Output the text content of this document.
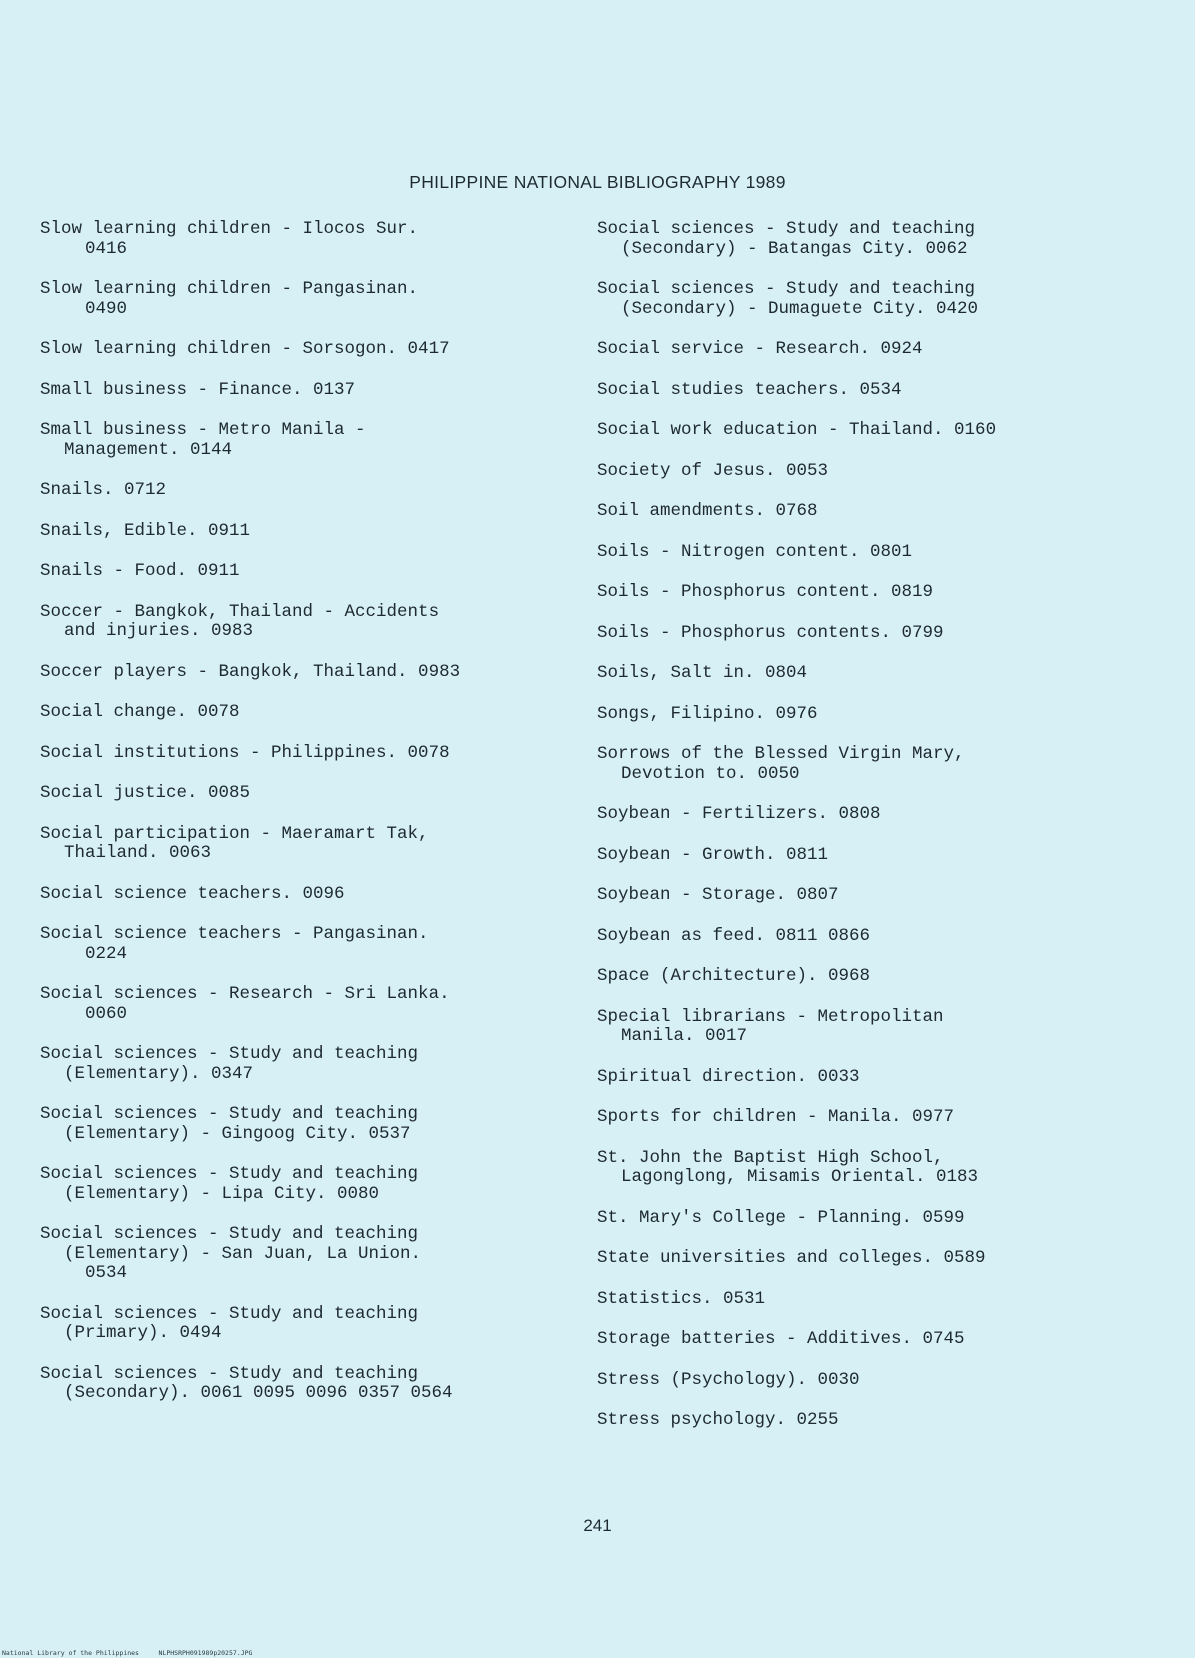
PHILIPPINE NATIONAL BIBLIOGRAPHY 1989
Slow learning children - Ilocos Sur.
0416
Slow learning children - Pangasinan.
0490
Slow learning children - Sorsogon. 0417
Small business - Finance. 0137
Small business - Metro Manila -
Management. 0144
Snails. 0712
Snails, Edible. 0911
Snails - Food. 0911
Soccer - Bangkok, Thailand - Accidents
and injuries. 0983
Soccer players - Bangkok, Thailand. 0983
Social change. 0078
Social institutions - Philippines. 0078
Social justice. 0085
Social participation - Maeramart Tak,
Thailand. 0063
Social science teachers. 0096
Social science teachers - Pangasinan.
0224
Social sciences - Research - Sri Lanka.
0060
Social sciences - Study and teaching
(Elementary). 0347
Social sciences - Study and teaching
(Elementary) - Gingoog City. 0537
Social sciences - Study and teaching
(Elementary) - Lipa City. 0080
Social sciences - Study and teaching
(Elementary) - San Juan, La Union.
0534
Social sciences - Study and teaching
(Primary). 0494
Social sciences - Study and teaching
(Secondary). 0061 0095 0096 0357 0564
Social sciences - Study and teaching
(Secondary) - Batangas City. 0062
Social sciences - Study and teaching
(Secondary) - Dumaguete City. 0420
Social service - Research. 0924
Social studies teachers. 0534
Social work education - Thailand. 0160
Society of Jesus. 0053
Soil amendments. 0768
Soils - Nitrogen content. 0801
Soils - Phosphorus content. 0819
Soils - Phosphorus contents. 0799
Soils, Salt in. 0804
Songs, Filipino. 0976
Sorrows of the Blessed Virgin Mary,
Devotion to. 0050
Soybean - Fertilizers. 0808
Soybean - Growth. 0811
Soybean - Storage. 0807
Soybean as feed. 0811 0866
Space (Architecture). 0968
Special librarians - Metropolitan
Manila. 0017
Spiritual direction. 0033
Sports for children - Manila. 0977
St. John the Baptist High School,
Lagonglong, Misamis Oriental. 0183
St. Mary's College - Planning. 0599
State universities and colleges. 0589
Statistics. 0531
Storage batteries - Additives. 0745
Stress (Psychology). 0030
Stress psychology. 0255
241
National Library of the Philippines     NLPHSRPH091989p20257.JPG
